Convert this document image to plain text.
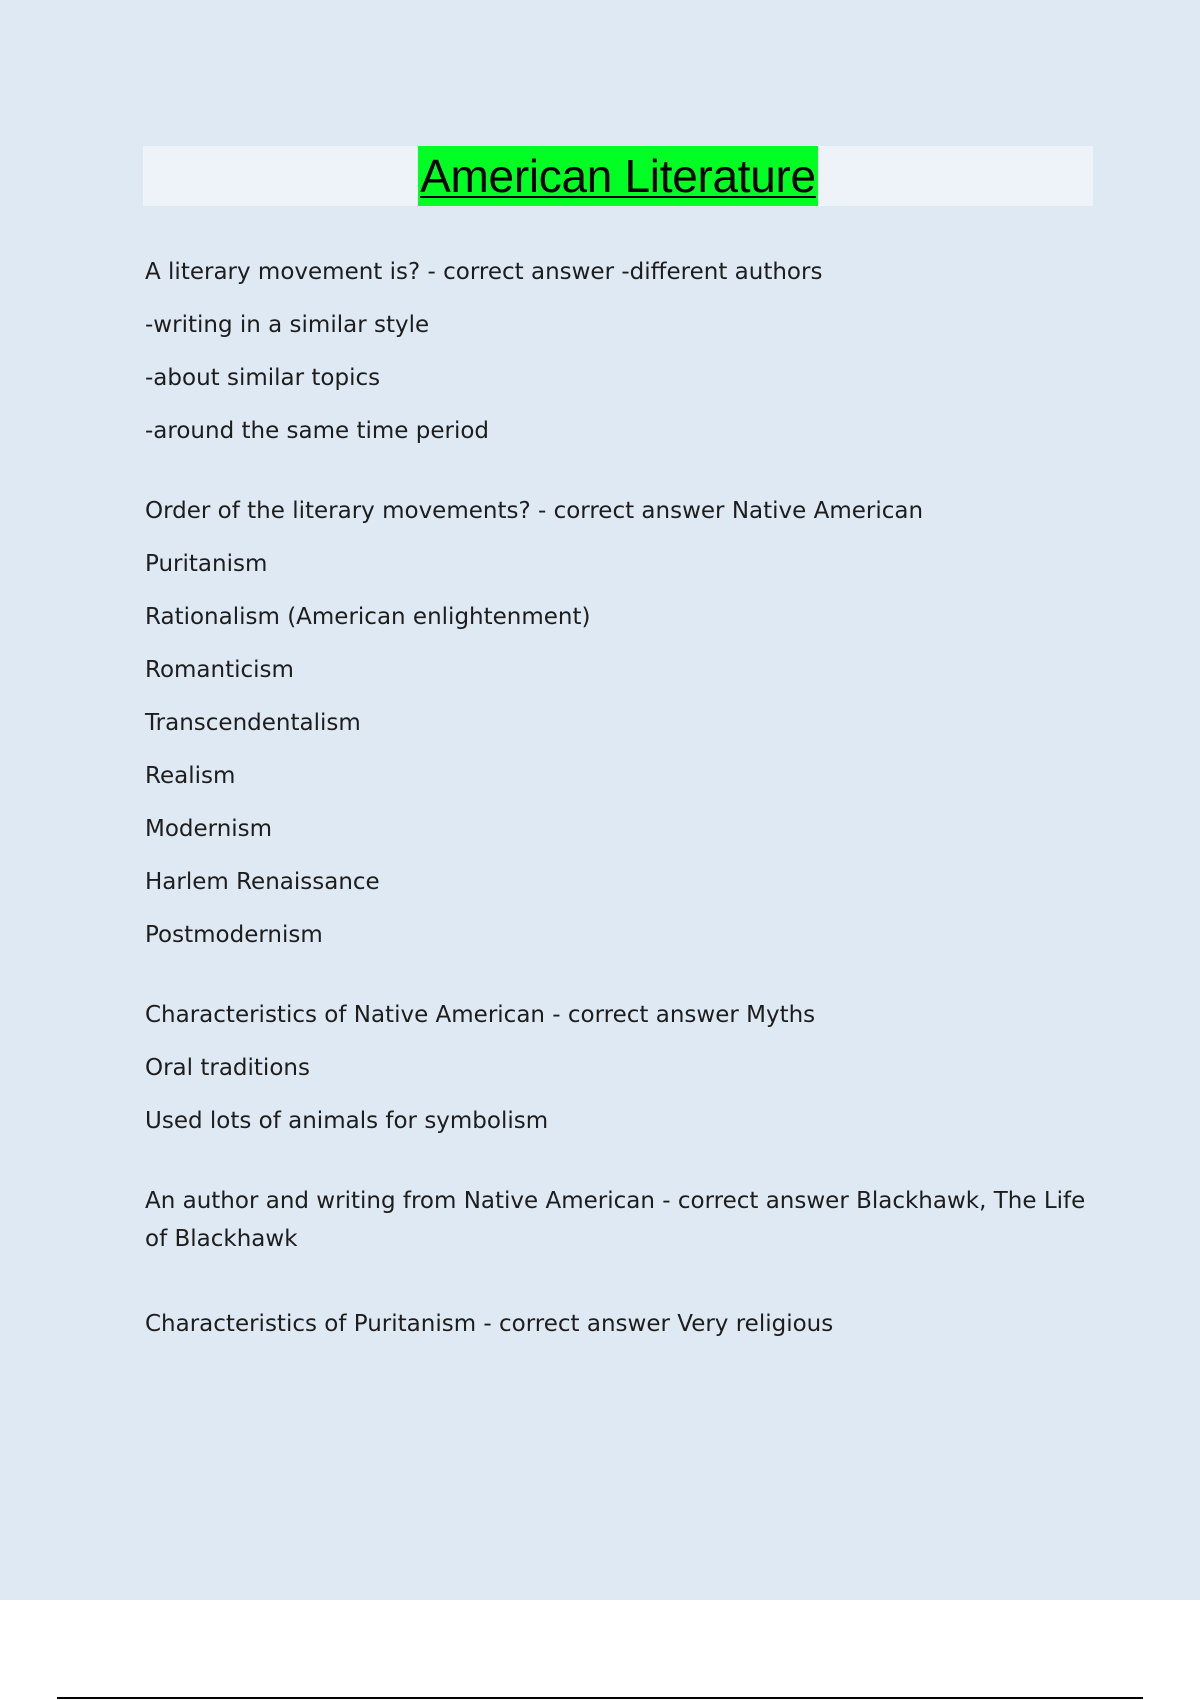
American Literature
A literary movement is? - correct answer -different authors
-writing in a similar style
-about similar topics
-around the same time period
Order of the literary movements? - correct answer Native American
Puritanism
Rationalism (American enlightenment)
Romanticism
Transcendentalism
Realism
Modernism
Harlem Renaissance
Postmodernism
Characteristics of Native American - correct answer Myths
Oral traditions
Used lots of animals for symbolism
An author and writing from Native American - correct answer Blackhawk, The Life of Blackhawk
Characteristics of Puritanism - correct answer Very religious
